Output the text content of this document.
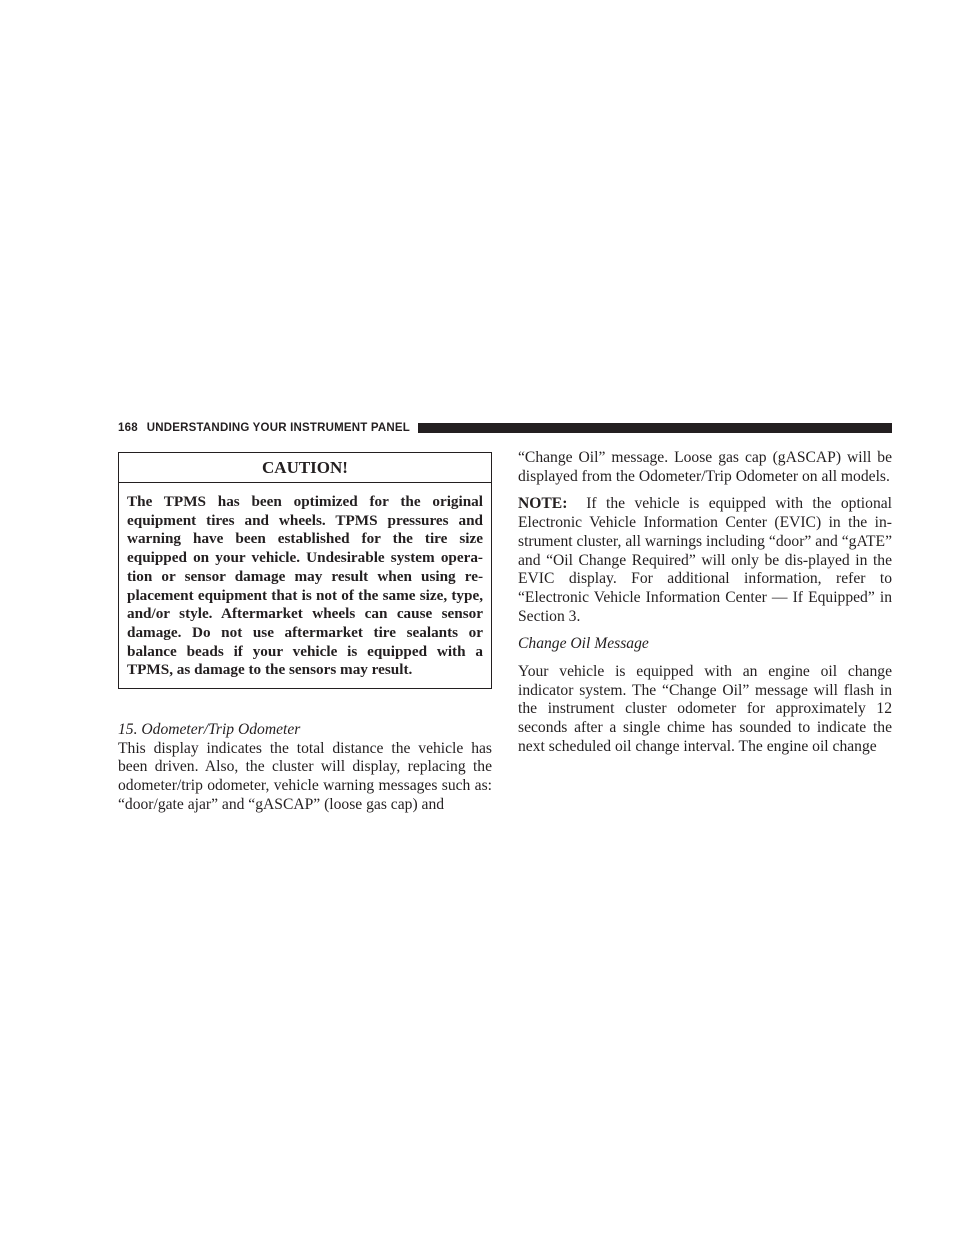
168 UNDERSTANDING YOUR INSTRUMENT PANEL
CAUTION!
The TPMS has been optimized for the original equipment tires and wheels. TPMS pressures and warning have been established for the tire size equipped on your vehicle. Undesirable system opera-tion or sensor damage may result when using re-placement equipment that is not of the same size, type, and/or style. Aftermarket wheels can cause sensor damage. Do not use aftermarket tire sealants or balance beads if your vehicle is equipped with a TPMS, as damage to the sensors may result.

15. Odometer/Trip Odometer

This display indicates the total distance the vehicle has been driven. Also, the cluster will display, replacing the odometer/trip odometer, vehicle warning messages such as: “door/gate ajar” and “gASCAP” (loose gas cap) and

“Change Oil” message. Loose gas cap (gASCAP) will be displayed from the Odometer/Trip Odometer on all models.

NOTE: If the vehicle is equipped with the optional Electronic Vehicle Information Center (EVIC) in the in-strument cluster, all warnings including “door” and “gATE” and “Oil Change Required” will only be dis-played in the EVIC display. For additional information, refer to “Electronic Vehicle Information Center — If Equipped” in Section 3.

Change Oil Message

Your vehicle is equipped with an engine oil change indicator system. The “Change Oil” message will flash in the instrument cluster odometer for approximately 12 seconds after a single chime has sounded to indicate the next scheduled oil change interval. The engine oil change
